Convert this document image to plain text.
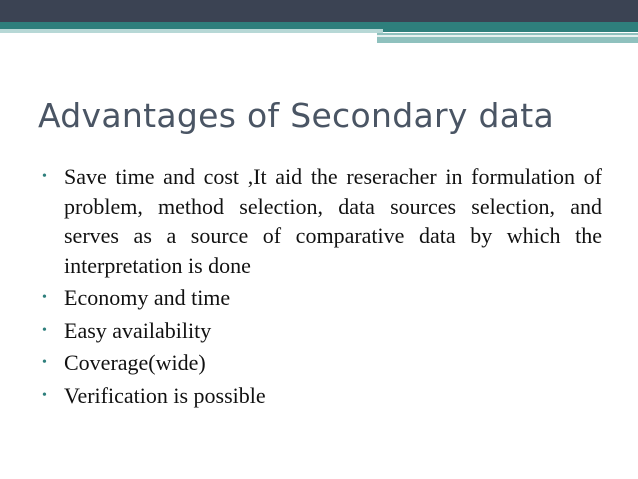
Advantages of Secondary data
• Save time and cost ,It aid the reseracher in formulation of problem, method selection, data sources selection, and serves as a source of comparative data by which the interpretation is done
• Economy and time
• Easy availability
• Coverage(wide)
• Verification is possible
